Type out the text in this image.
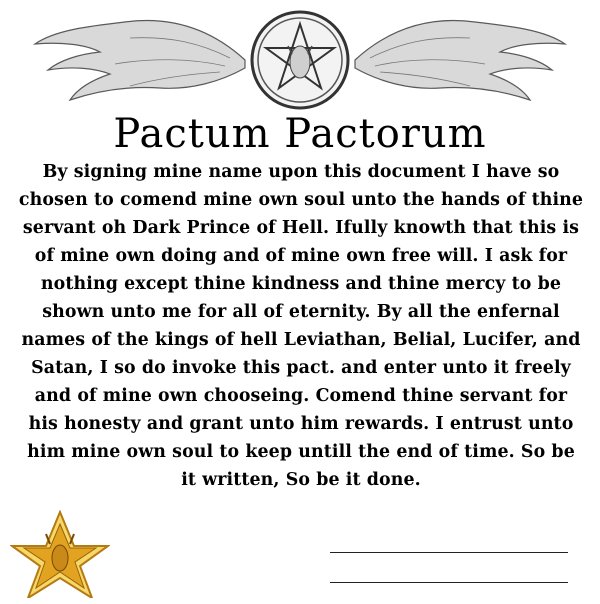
Pactum Pactorum

By signing mine name upon this document I have so chosen to comend mine own soul unto the hands of thine servant oh Dark Prince of Hell. Ifully knowth that this is of mine own doing and of mine own free will. I ask for nothing except thine kindness and thine mercy to be shown unto me for all of eternity. By all the enfernal names of the kings of hell Leviathan, Belial, Lucifer, and Satan, I so do invoke this pact. and enter unto it freely and of mine own chooseing. Comend thine servant for his honesty and grant unto him rewards. I entrust unto him mine own soul to keep untill the end of time. So be it written, So be it done.
